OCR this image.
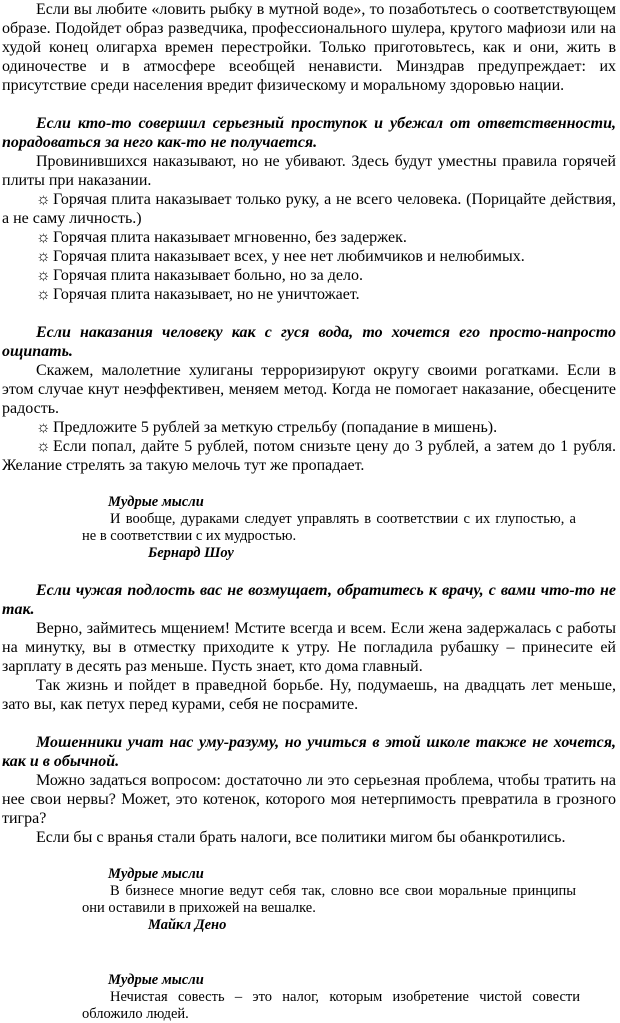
Если вы любите «ловить рыбку в мутной воде», то позаботьтесь о соответствующем образе. Подойдет образ разведчика, профессионального шулера, крутого мафиози или на худой конец олигарха времен перестройки. Только приготовьтесь, как и они, жить в одиночестве и в атмосфере всеобщей ненависти. Минздрав предупреждает: их присутствие среди населения вредит физическому и моральному здоровью нации.

Если кто-то совершил серьезный проступок и убежал от ответственности, порадоваться за него как-то не получается.

Провинившихся наказывают, но не убивают. Здесь будут уместны правила горячей плиты при наказании.

☼ Горячая плита наказывает только руку, а не всего человека. (Порицайте действия, а не саму личность.)

☼ Горячая плита наказывает мгновенно, без задержек.

☼ Горячая плита наказывает всех, у нее нет любимчиков и нелюбимых.

☼ Горячая плита наказывает больно, но за дело.

☼ Горячая плита наказывает, но не уничтожает.

Если наказания человеку как с гуся вода, то хочется его просто-напросто ощипать.

Скажем, малолетние хулиганы терроризируют округу своими рогатками. Если в этом случае кнут неэффективен, меняем метод. Когда не помогает наказание, обесцените радость.

☼ Предложите 5 рублей за меткую стрельбу (попадание в мишень).

☼ Если попал, дайте 5 рублей, потом снизьте цену до 3 рублей, а затем до 1 рубля. Желание стрелять за такую мелочь тут же пропадает.

Мудрые мысли
И вообще, дураками следует управлять в соответствии с их глупостью, а не в соответствии с их мудростью.
Бернард Шоу

Если чужая подлость вас не возмущает, обратитесь к врачу, с вами что-то не так.

Верно, займитесь мщением! Мстите всегда и всем. Если жена задержалась с работы на минутку, вы в отместку приходите к утру. Не погладила рубашку – принесите ей зарплату в десять раз меньше. Пусть знает, кто дома главный.

Так жизнь и пойдет в праведной борьбе. Ну, подумаешь, на двадцать лет меньше, зато вы, как петух перед курами, себя не посрамите.

Мошенники учат нас уму-разуму, но учиться в этой школе также не хочется, как и в обычной.

Можно задаться вопросом: достаточно ли это серьезная проблема, чтобы тратить на нее свои нервы? Может, это котенок, которого моя нетерпимость превратила в грозного тигра?

Если бы с вранья стали брать налоги, все политики мигом бы обанкротились.

Мудрые мысли
В бизнесе многие ведут себя так, словно все свои моральные принципы они оставили в прихожей на вешалке.
Майкл Дено
Мудрые мысли
Нечистая совесть – это налог, которым изобретение чистой совести обложило людей.
